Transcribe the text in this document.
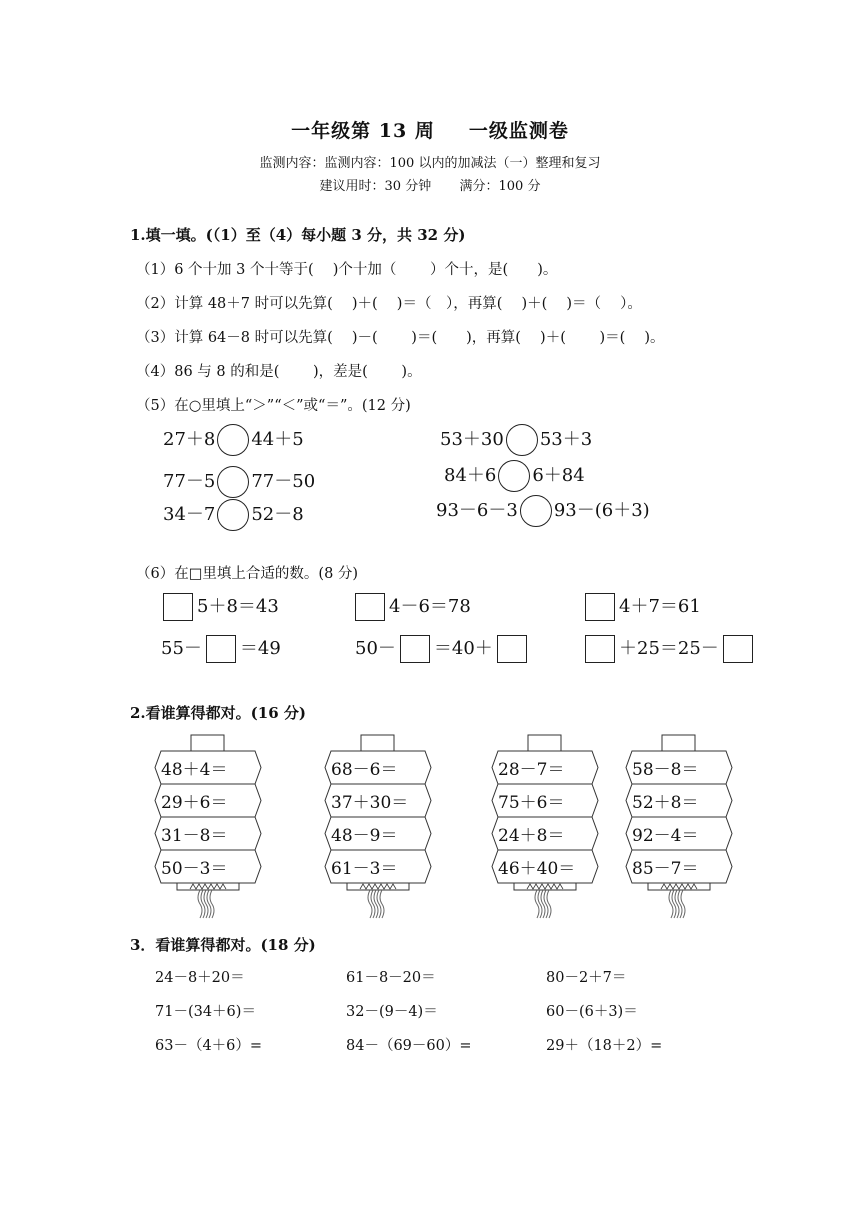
一年级第 13 周 一级监测卷
监测内容：监测内容：100 以内的加减法（一）整理和复习
建议用时：30 分钟 满分：100 分
1.填一填。(（1）至（4）每小题 3 分，共 32 分)
（1）6 个十加 3 个十等于(　 )个十加（　 　）个十，是(　　)。
（2）计算 48＋7 时可以先算(　 )＋(　 )＝（　），再算(　 )＋(　 )＝（　 ）。
（3）计算 64－8 时可以先算(　 )－(　　 )＝(　　)，再算(　 )＋(　　 )＝(　 )。
（4）86 与 8 的和是(　　 )，差是(　　 )。
（5）在○里填上“＞”“＜”或“＝”。(12 分)
27＋8 44＋5	53＋30 53＋3
77－5 77－50	84＋6 6＋84
34－7 52－8	93－6－3 93－(6＋3)
（6）在□里填上合适的数。(8 分)
5＋8＝43	4－6＝78	4＋7＝61
55－ ＝49	50－ ＝40＋	＋25＝25－
2.看谁算得都对。(16 分)
48＋4＝
29＋6＝
31－8＝
50－3＝
68－6＝
37＋30＝
48－9＝
61－3＝
28－7＝
75＋6＝
24＋8＝
46＋40＝
58－8＝
52＋8＝
92－4＝
85－7＝
3．看谁算得都对。(18 分)
24－8＋20＝	61－8－20＝	80－2＋7＝
71－(34＋6)＝	32－(9－4)＝	60－(6＋3)＝
63－（4＋6）=	84－（69－60）=	29＋（18＋2）=
